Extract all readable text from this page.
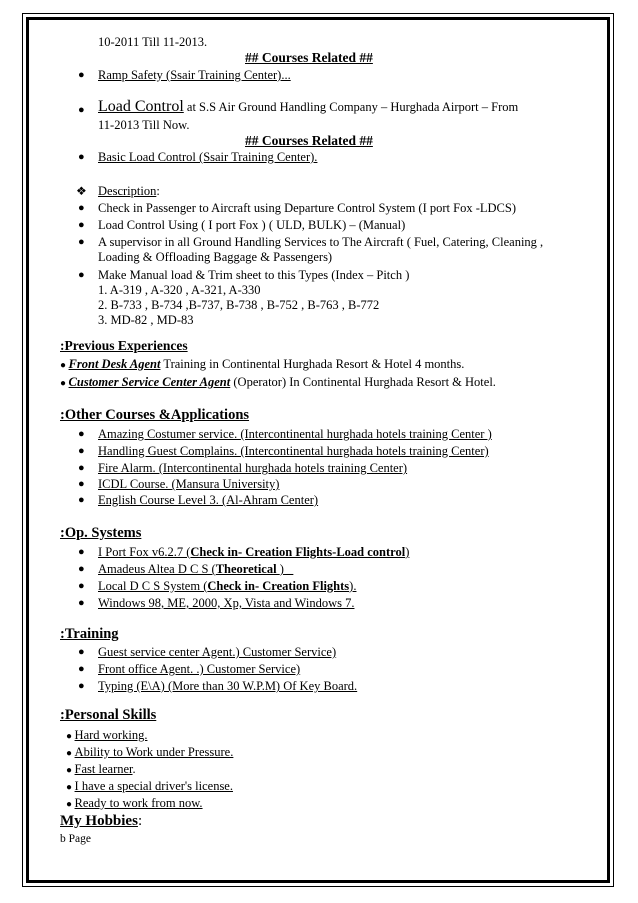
10-2011 Till 11-2013.
## Courses Related ##
● Ramp Safety (Ssair Training Center)...
● Load Control at S.S Air Ground Handling Company – Hurghada Airport – From
11-2013 Till Now.
## Courses Related ##
● Basic Load Control (Ssair Training Center).
❖ Description:
● Check in Passenger to Aircraft using Departure Control System (I port Fox -LDCS)
● Load Control Using ( I port Fox ) ( ULD, BULK) – (Manual)
● A supervisor in all Ground Handling Services to The Aircraft ( Fuel, Catering, Cleaning ,
Loading & Offloading Baggage & Passengers)
● Make Manual load & Trim sheet to this Types (Index – Pitch )
1. A-319 , A-320 , A-321, A-330
2. B-733 , B-734 ,B-737, B-738 , B-752 , B-763 , B-772
3. MD-82 , MD-83
:Previous Experiences
● Front Desk Agent Training in Continental Hurghada Resort & Hotel 4 months.
● Customer Service Center Agent (Operator) In Continental Hurghada Resort & Hotel.
:Other Courses &Applications
● Amazing Costumer service. (Intercontinental hurghada hotels training Center )
● Handling Guest Complains. (Intercontinental hurghada hotels training Center)
● Fire Alarm. (Intercontinental hurghada hotels training Center)
● ICDL Course. (Mansura University)
● English Course Level 3. (Al-Ahram Center)
:Op. Systems
● I Port Fox v6.2.7 (Check in- Creation Flights-Load control)
● Amadeus Altea D C S (Theoretical ) _
● Local D C S System (Check in- Creation Flights).
● Windows 98, ME, 2000, Xp, Vista and Windows 7.
:Training
● Guest service center Agent.) Customer Service)
● Front office Agent. .) Customer Service)
● Typing (E\A) (More than 30 W.P.M) Of Key Board.
:Personal Skills
● Hard working.
● Ability to Work under Pressure.
● Fast learner.
● I have a special driver's license.
● Ready to work from now.
My Hobbies:
b Page
